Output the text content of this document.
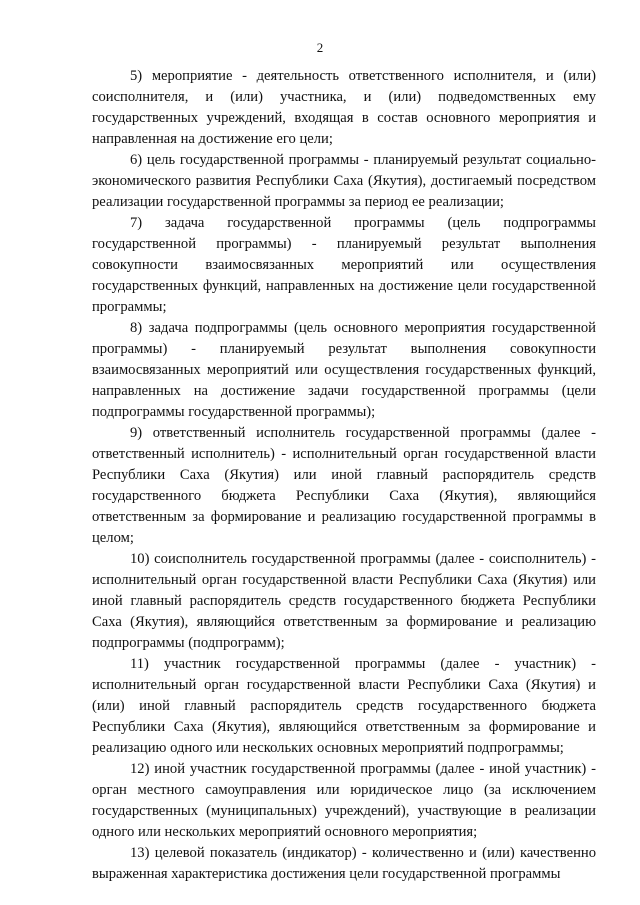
2

5) мероприятие - деятельность ответственного исполнителя, и (или) соисполнителя, и (или) участника, и (или) подведомственных ему государственных учреждений, входящая в состав основного мероприятия и направленная на достижение его цели;

6) цель государственной программы - планируемый результат социально-экономического развития Республики Саха (Якутия), достигаемый посредством реализации государственной программы за период ее реализации;

7) задача государственной программы (цель подпрограммы государственной программы) - планируемый результат выполнения совокупности взаимосвязанных мероприятий или осуществления государственных функций, направленных на достижение цели государственной программы;

8) задача подпрограммы (цель основного мероприятия государственной программы) - планируемый результат выполнения совокупности взаимосвязанных мероприятий или осуществления государственных функций, направленных на достижение задачи государственной программы (цели подпрограммы государственной программы);

9) ответственный исполнитель государственной программы (далее - ответственный исполнитель) - исполнительный орган государственной власти Республики Саха (Якутия) или иной главный распорядитель средств государственного бюджета Республики Саха (Якутия), являющийся ответственным за формирование и реализацию государственной программы в целом;

10) соисполнитель государственной программы (далее - соисполнитель) - исполнительный орган государственной власти Республики Саха (Якутия) или иной главный распорядитель средств государственного бюджета Республики Саха (Якутия), являющийся ответственным за формирование и реализацию подпрограммы (подпрограмм);

11) участник государственной программы (далее - участник) - исполнительный орган государственной власти Республики Саха (Якутия) и (или) иной главный распорядитель средств государственного бюджета Республики Саха (Якутия), являющийся ответственным за формирование и реализацию одного или нескольких основных мероприятий подпрограммы;

12) иной участник государственной программы (далее - иной участник) - орган местного самоуправления или юридическое лицо (за исключением государственных (муниципальных) учреждений), участвующие в реализации одного или нескольких мероприятий основного мероприятия;

13) целевой показатель (индикатор) - количественно и (или) качественно выраженная характеристика достижения цели государственной программы
